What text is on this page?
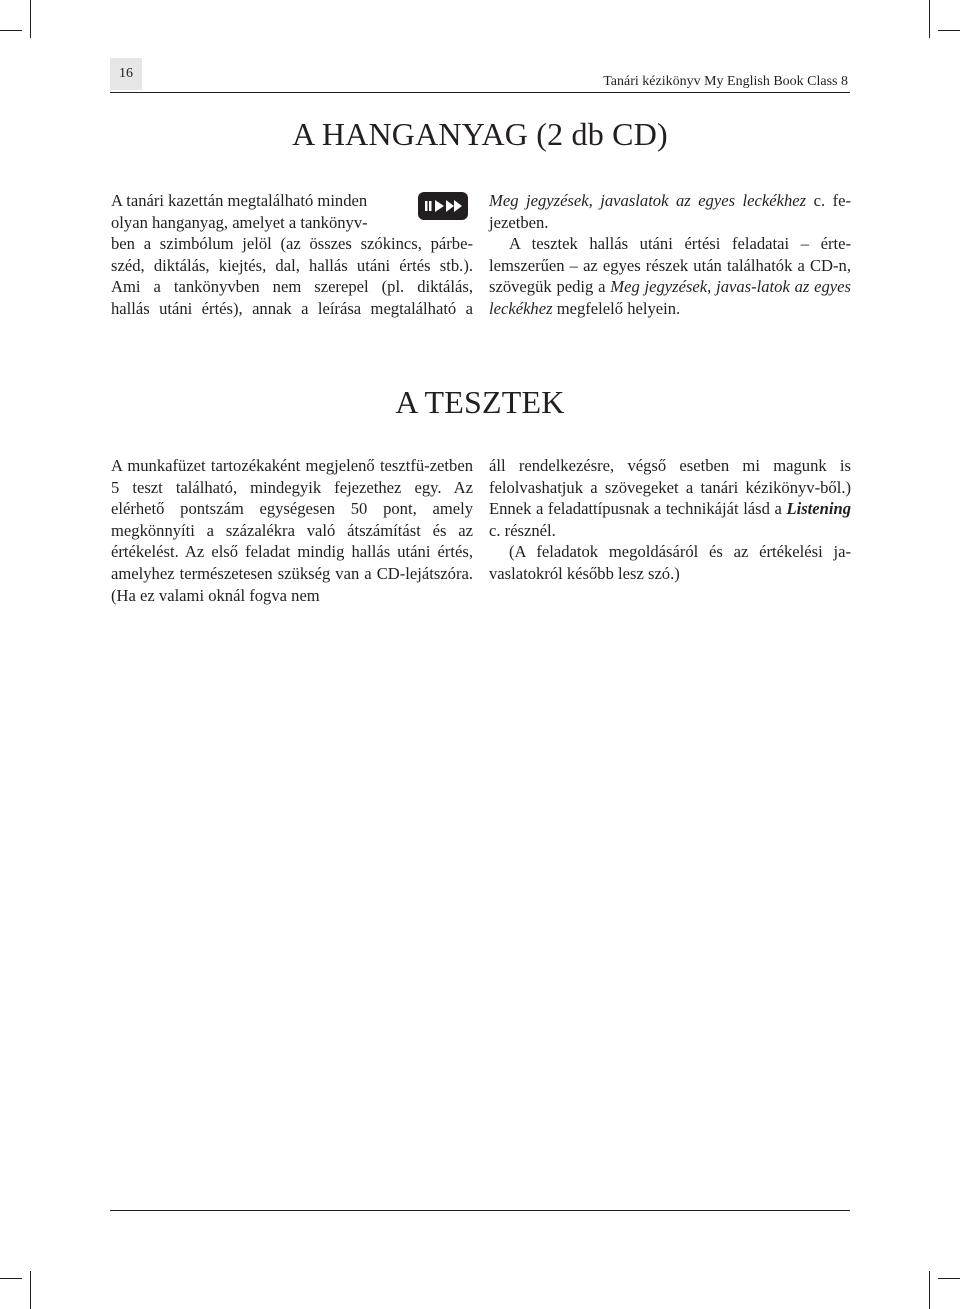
16
Tanári kézikönyv My English Book Class 8
A HANGANYAG (2 db CD)
A tanári kazettán megtalálható minden
olyan hanganyag, amelyet a tankönyv-
ben a szimbólum jelöl (az összes szókincs, párbe-
széd, diktálás, kiejtés, dal, hallás utáni értés stb.).
Ami a tankönyvben nem szerepel (pl. diktálás,
hallás utáni értés), annak a leírása megtalálható a

Meg jegyzések, javaslatok az egyes leckékhez c. fe-jezetben.

A tesztek hallás utáni értési feladatai – érte-lemszerűen – az egyes részek után találhatók a CD-n, szövegük pedig a Meg jegyzések, javas-latok az egyes leckékhez megfelelő helyein.

A TESZTEK

A munkafüzet tartozékaként megjelenő tesztfü-zetben 5 teszt található, mindegyik fejezethez egy. Az elérhető pontszám egységesen 50 pont, amely megkönnyíti a százalékra való átszámítást és az értékelést. Az első feladat mindig hallás utáni értés, amelyhez természetesen szükség van a CD-lejátszóra. (Ha ez valami oknál fogva nem

áll rendelkezésre, végső esetben mi magunk is felolvashatjuk a szövegeket a tanári kézikönyv-ből.) Ennek a feladattípusnak a technikáját lásd a Listening c. résznél.

(A feladatok megoldásáról és az értékelési ja-vaslatokról később lesz szó.)
